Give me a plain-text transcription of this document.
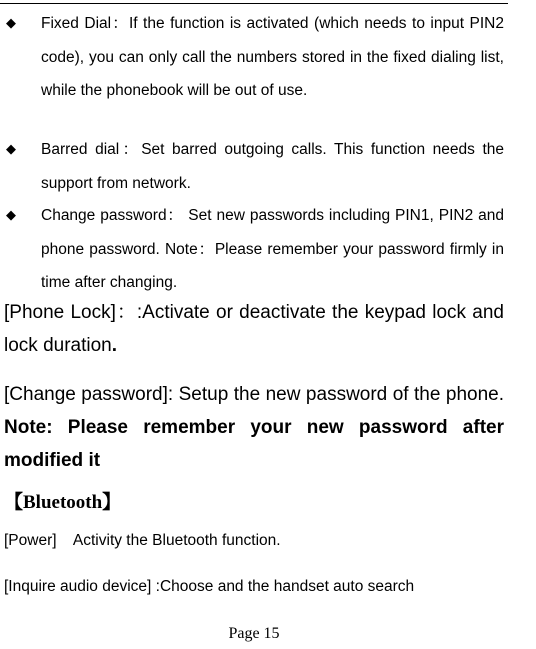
◆ Fixed Dial：If the function is activated (which needs to input PIN2 code), you can only call the numbers stored in the fixed dialing list, while the phonebook will be out of use.
◆ Barred dial：Set barred outgoing calls. This function needs the support from network.
◆ Change password： Set new passwords including PIN1, PIN2 and phone password. Note：Please remember your password firmly in time after changing.
[Phone Lock]：:Activate or deactivate the keypad lock and lock duration.
[Change password]: Setup the new password of the phone. Note: Please remember your new password after modified it
【Bluetooth】
[Power]    Activity the Bluetooth function.
[Inquire audio device] :Choose and the handset auto search
Page 15
